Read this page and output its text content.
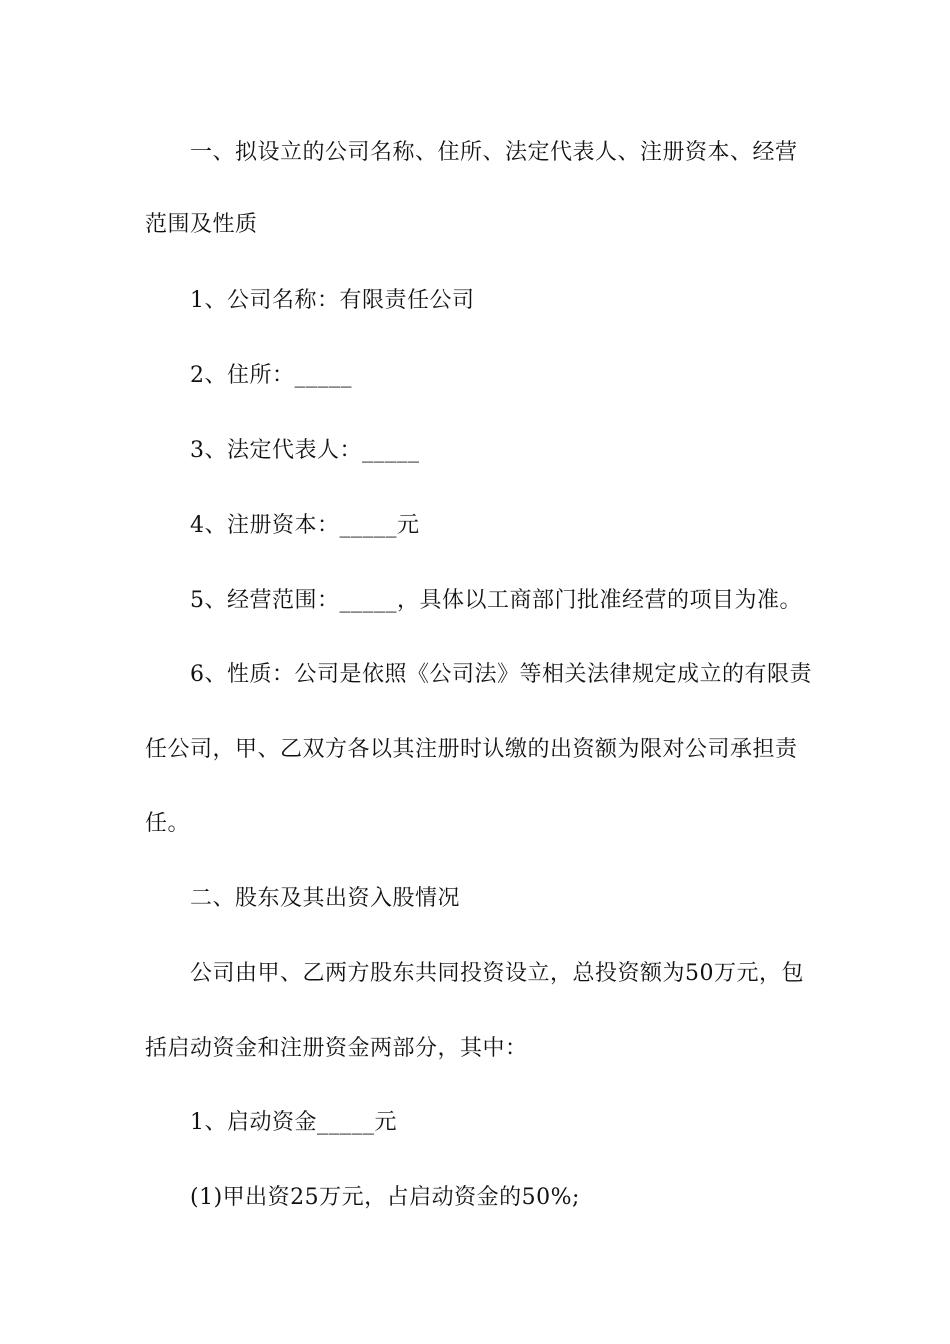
一、拟设立的公司名称、住所、法定代表人、注册资本、经营
范围及性质
1、公司名称：有限责任公司
2、住所：_____
3、法定代表人：_____
4、注册资本：_____元
5、经营范围：_____，具体以工商部门批准经营的项目为准。
6、性质：公司是依照《公司法》等相关法律规定成立的有限责
任公司，甲、乙双方各以其注册时认缴的出资额为限对公司承担责
任。
二、股东及其出资入股情况
公司由甲、乙两方股东共同投资设立，总投资额为50万元，包
括启动资金和注册资金两部分，其中：
1、启动资金_____元
(1)甲出资25万元，占启动资金的50%;
